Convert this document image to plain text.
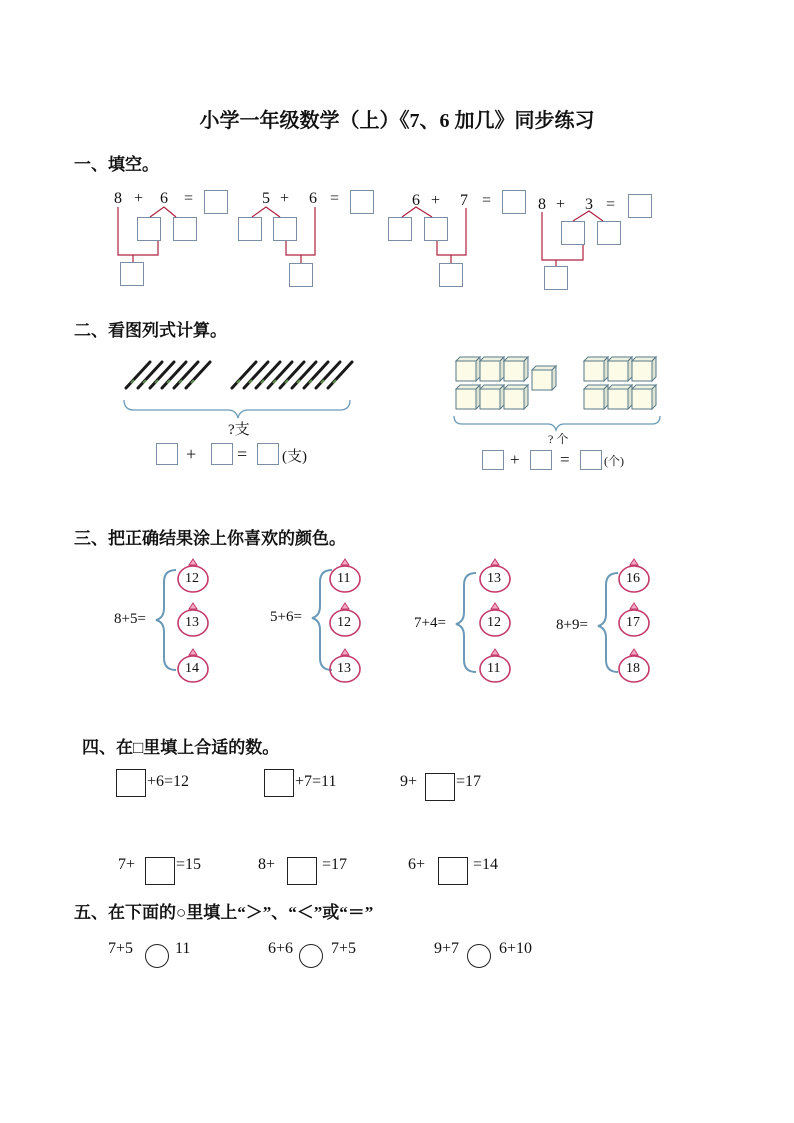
小学一年级数学（上）《7、6 加几》同步练习
一、填空。
8 + 6 =	5 + 6 =	6 + 7 =	8 + 3 =
二、看图列式计算。
?支
+ = (支)
? 个
+ =	(个)
三、把正确结果涂上你喜欢的颜色。
8+5=
12
13
14
5+6=
11
12
13
7+4=
13
12
11
8+9=
16
17
18
四、在□里填上合适的数。
+6=12	+7=11	9+ =17
7+	=15	8+	=17	6+	=14
五、在下面的○里填上“＞”、“＜”或“＝”
7+5	11	6+6 7+5	9+7 6+10
